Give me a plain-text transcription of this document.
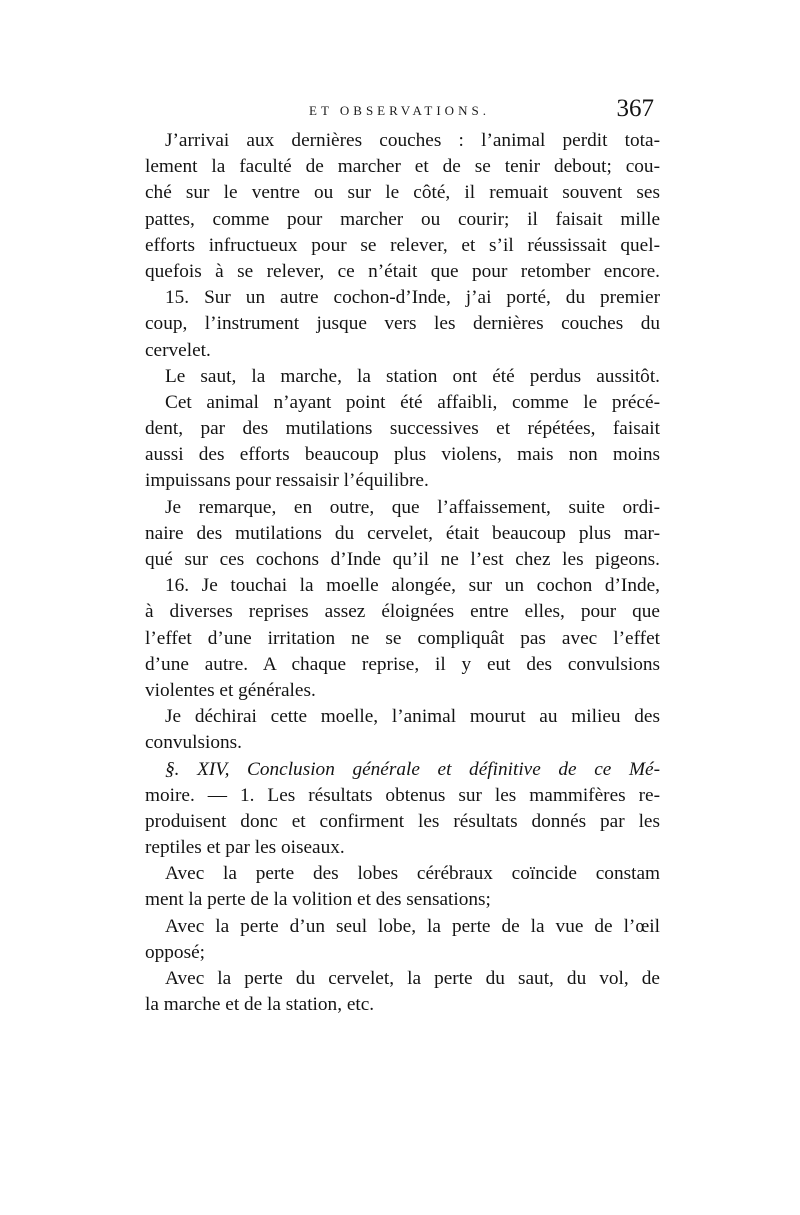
ET OBSERVATIONS.	367
J’arrivai aux dernières couches : l’animal perdit tota-
lement la faculté de marcher et de se tenir debout; cou-
ché sur le ventre ou sur le côté, il remuait souvent ses
pattes, comme pour marcher ou courir; il faisait mille
efforts infructueux pour se relever, et s’il réussissait quel-
quefois à se relever, ce n’était que pour retomber encore.
15. Sur un autre cochon-d’Inde, j’ai porté, du premier
coup, l’instrument jusque vers les dernières couches du
cervelet.
Le saut, la marche, la station ont été perdus aussitôt.
Cet animal n’ayant point été affaibli, comme le précé-
dent, par des mutilations successives et répétées, faisait
aussi des efforts beaucoup plus violens, mais non moins
impuissans pour ressaisir l’équilibre.
Je remarque, en outre, que l’affaissement, suite ordi-
naire des mutilations du cervelet, était beaucoup plus mar-
qué sur ces cochons d’Inde qu’il ne l’est chez les pigeons.
16. Je touchai la moelle alongée, sur un cochon d’Inde,
à diverses reprises assez éloignées entre elles, pour que
l’effet d’une irritation ne se compliquât pas avec l’effet
d’une autre. A chaque reprise, il y eut des convulsions
violentes et générales.
Je déchirai cette moelle, l’animal mourut au milieu des
convulsions.
§. XIV, Conclusion générale et définitive de ce Mé-
moire. — 1. Les résultats obtenus sur les mammifères re-
produisent donc et confirment les résultats donnés par les
reptiles et par les oiseaux.
Avec la perte des lobes cérébraux coïncide constam
ment la perte de la volition et des sensations;
Avec la perte d’un seul lobe, la perte de la vue de l’œil
opposé;
Avec la perte du cervelet, la perte du saut, du vol, de
la marche et de la station, etc.
